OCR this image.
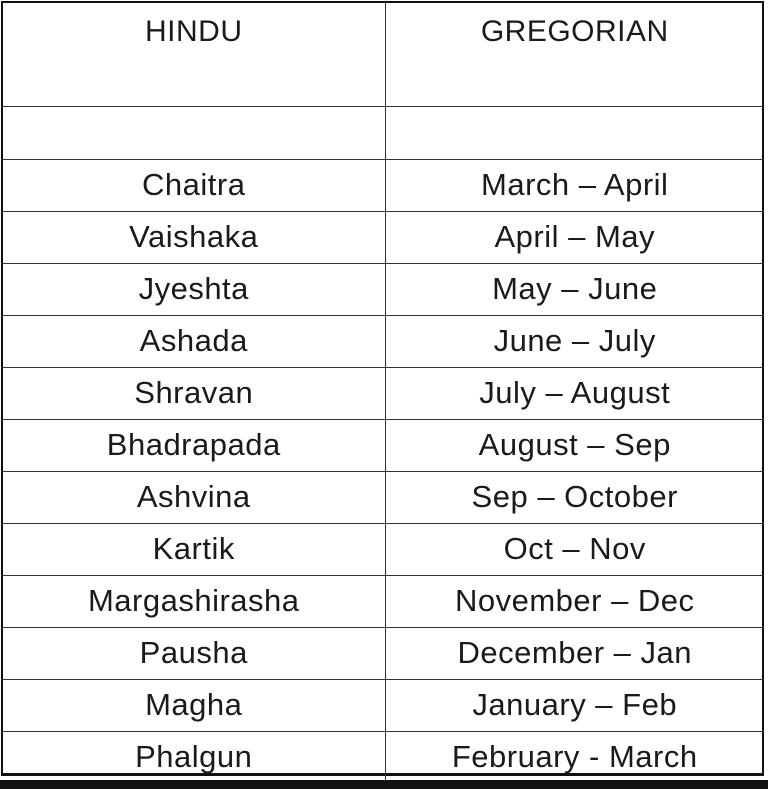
HINDU	GREGORIAN

Chaitra	March – April
Vaishaka	April – May
Jyeshta	May – June
Ashada	June – July
Shravan	July – August
Bhadrapada	August – Sep
Ashvina	Sep – October
Kartik	Oct – Nov
Margashirasha	November – Dec
Pausha	December – Jan
Magha	January – Feb
Phalgun	February - March
